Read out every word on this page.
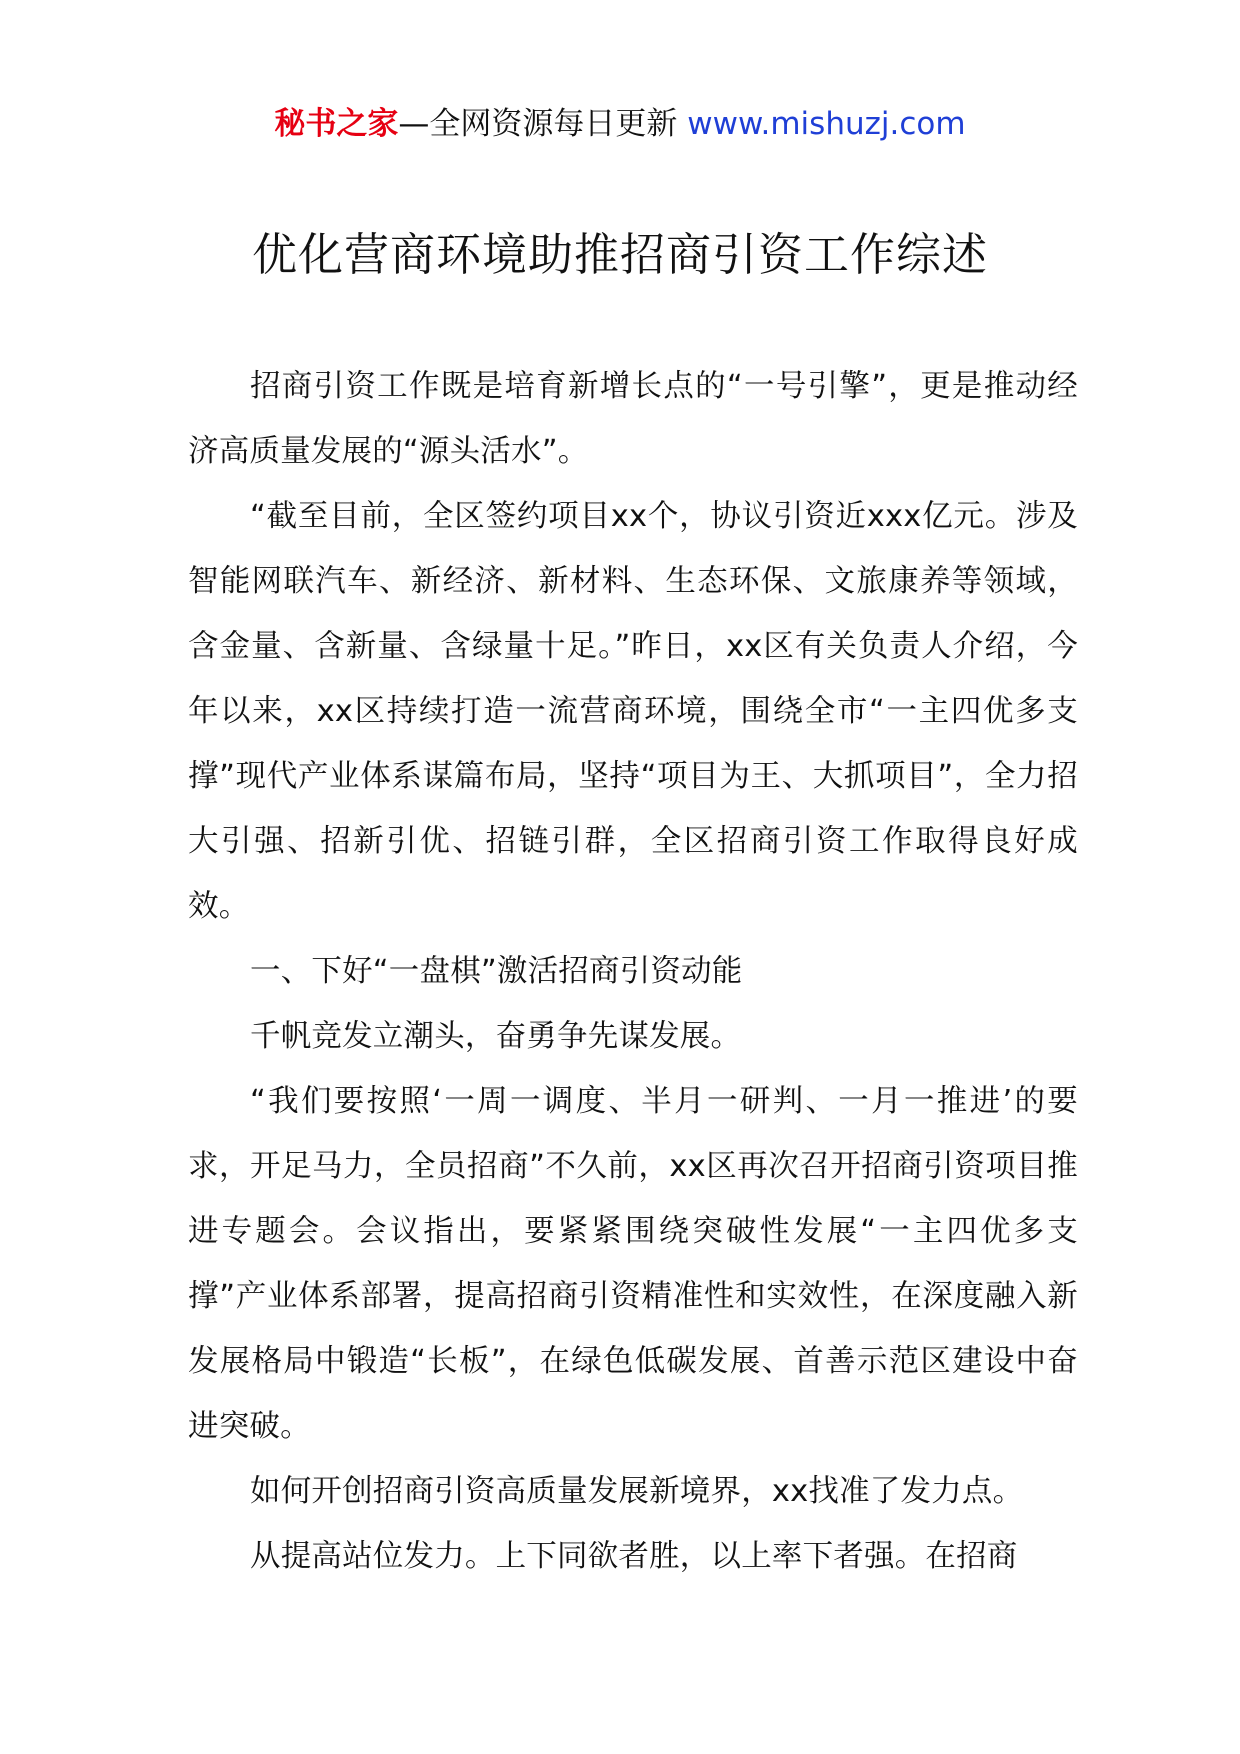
秘书之家—全网资源每日更新 www.mishuzj.com
优化营商环境助推招商引资工作综述

招商引资工作既是培育新增长点的“一号引擎”，更是推动经济高质量发展的“源头活水”。

“截至目前，全区签约项目xx个，协议引资近xxx亿元。涉及智能网联汽车、新经济、新材料、生态环保、文旅康养等领域，含金量、含新量、含绿量十足。”昨日，xx区有关负责人介绍，今年以来，xx区持续打造一流营商环境，围绕全市“一主四优多支撑”现代产业体系谋篇布局，坚持“项目为王、大抓项目”，全力招大引强、招新引优、招链引群，全区招商引资工作取得良好成效。

一、下好“一盘棋”激活招商引资动能

千帆竞发立潮头，奋勇争先谋发展。

“我们要按照‘一周一调度、半月一研判、一月一推进’的要求，开足马力，全员招商”不久前，xx区再次召开招商引资项目推进专题会。会议指出，要紧紧围绕突破性发展“一主四优多支撑”产业体系部署，提高招商引资精准性和实效性，在深度融入新发展格局中锻造“长板”，在绿色低碳发展、首善示范区建设中奋进突破。

如何开创招商引资高质量发展新境界，xx找准了发力点。

从提高站位发力。上下同欲者胜，以上率下者强。在招商
